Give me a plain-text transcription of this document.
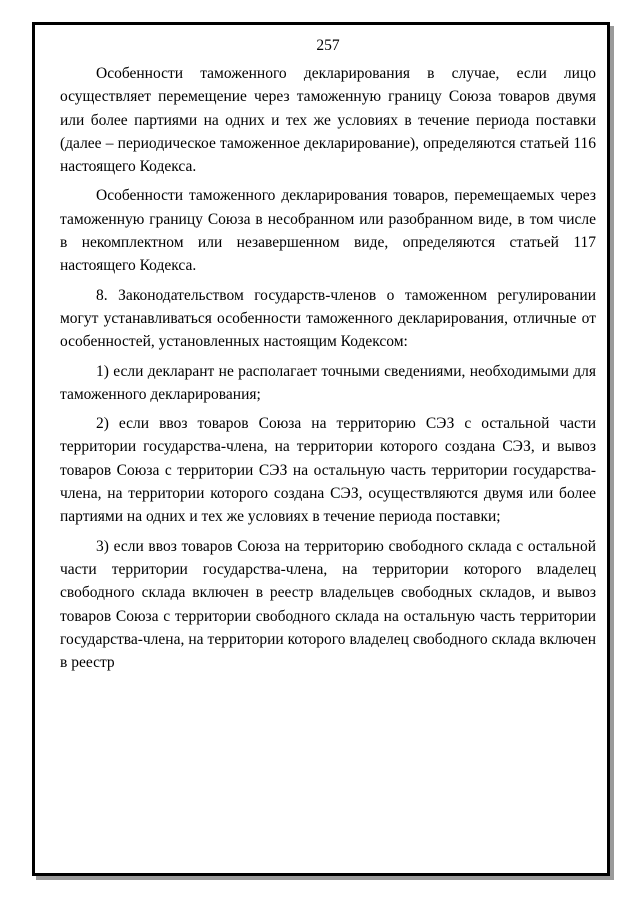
257

Особенности таможенного декларирования в случае, если лицо осуществляет перемещение через таможенную границу Союза товаров двумя или более партиями на одних и тех же условиях в течение периода поставки (далее – периодическое таможенное декларирование), определяются статьей 116 настоящего Кодекса.

Особенности таможенного декларирования товаров, перемещаемых через таможенную границу Союза в несобранном или разобранном виде, в том числе в некомплектном или незавершенном виде, определяются статьей 117 настоящего Кодекса.

8. Законодательством государств-членов о таможенном регулировании могут устанавливаться особенности таможенного декларирования, отличные от особенностей, установленных настоящим Кодексом:

1) если декларант не располагает точными сведениями, необходимыми для таможенного декларирования;

2) если ввоз товаров Союза на территорию СЭЗ с остальной части территории государства-члена, на территории которого создана СЭЗ, и вывоз товаров Союза с территории СЭЗ на остальную часть территории государства-члена, на территории которого создана СЭЗ, осуществляются двумя или более партиями на одних и тех же условиях в течение периода поставки;

3) если ввоз товаров Союза на территорию свободного склада с остальной части территории государства-члена, на территории которого владелец свободного склада включен в реестр владельцев свободных складов, и вывоз товаров Союза с территории свободного склада на остальную часть территории государства-члена, на территории которого владелец свободного склада включен в реестр
